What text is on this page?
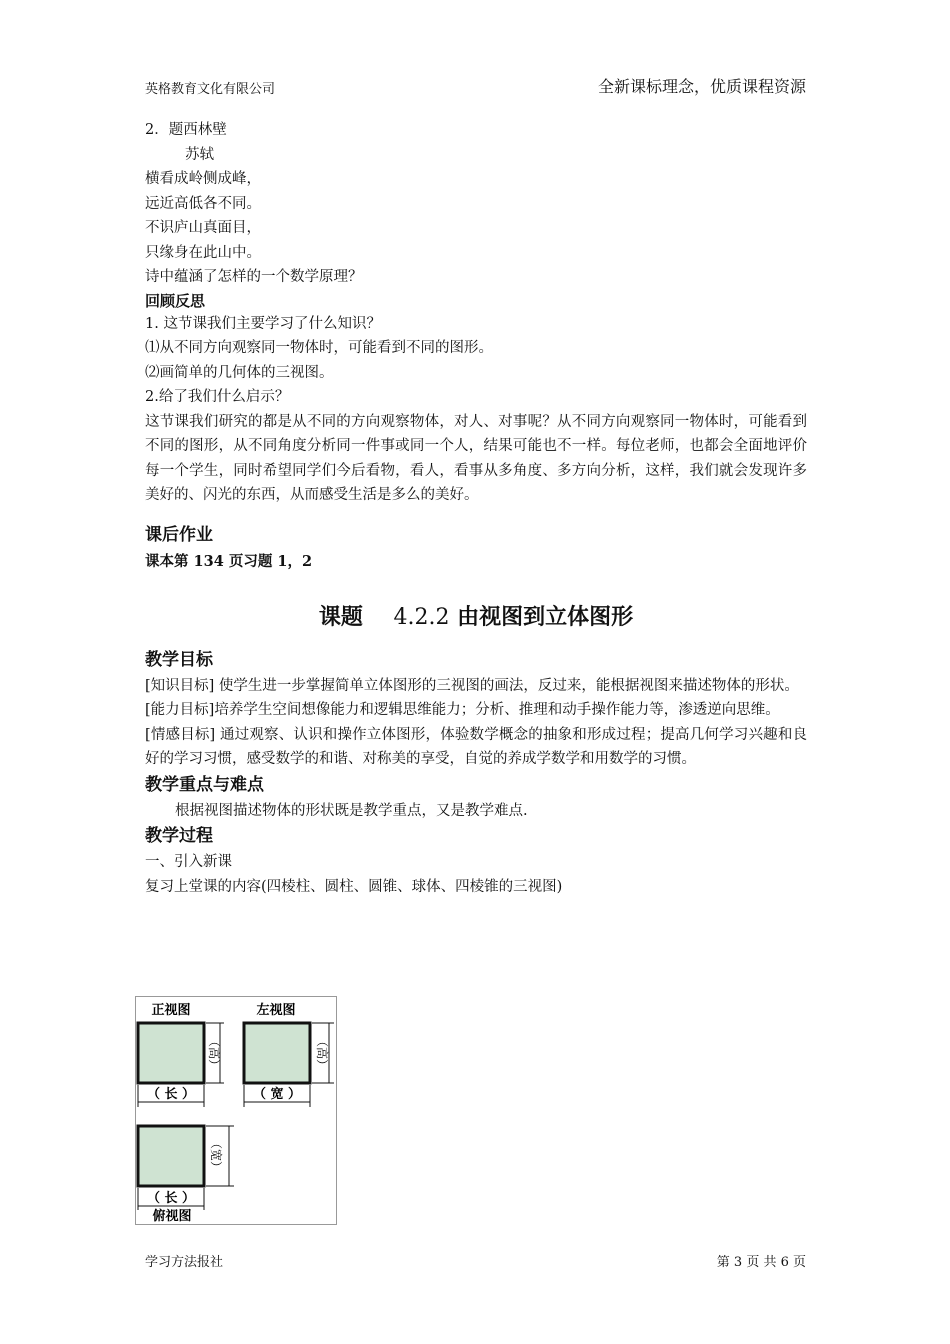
英格教育文化有限公司	全新课标理念，优质课程资源
2．题西林壁
苏轼
横看成岭侧成峰，
远近高低各不同。
不识庐山真面目，
只缘身在此山中。
诗中蕴涵了怎样的一个数学原理？
回顾反思
1. 这节课我们主要学习了什么知识？
⑴从不同方向观察同一物体时，可能看到不同的图形。
⑵画简单的几何体的三视图。
2.给了我们什么启示？
这节课我们研究的都是从不同的方向观察物体，对人、对事呢？从不同方向观察同一物体时，可能看到不同的图形，从不同角度分析同一件事或同一个人，结果可能也不一样。每位老师，也都会全面地评价每一个学生，同时希望同学们今后看物，看人，看事从多角度、多方向分析，这样，我们就会发现许多美好的、闪光的东西，从而感受生活是多么的美好。
课后作业
课本第 134 页习题 1，2
课题 4.2.2 由视图到立体图形
教学目标
[知识目标] 使学生进一步掌握简单立体图形的三视图的画法，反过来，能根据视图来描述物体的形状。
[能力目标]培养学生空间想像能力和逻辑思维能力；分析、推理和动手操作能力等，渗透逆向思维。
[情感目标] 通过观察、认识和操作立体图形，体验数学概念的抽象和形成过程；提高几何学习兴趣和良好的学习习惯，感受数学的和谐、对称美的享受，自觉的养成学数学和用数学的习惯。
教学重点与难点
根据视图描述物体的形状既是教学重点，又是教学难点.
教学过程
一、引入新课
复习上堂课的内容(四棱柱、圆柱、圆锥、球体、四棱锥的三视图)
正视图
（高）
（ 长 ）
左视图
（高）
（ 宽 ）
（宽）
（ 长 ）
俯视图
学习方法报社	第 3 页 共 6 页
